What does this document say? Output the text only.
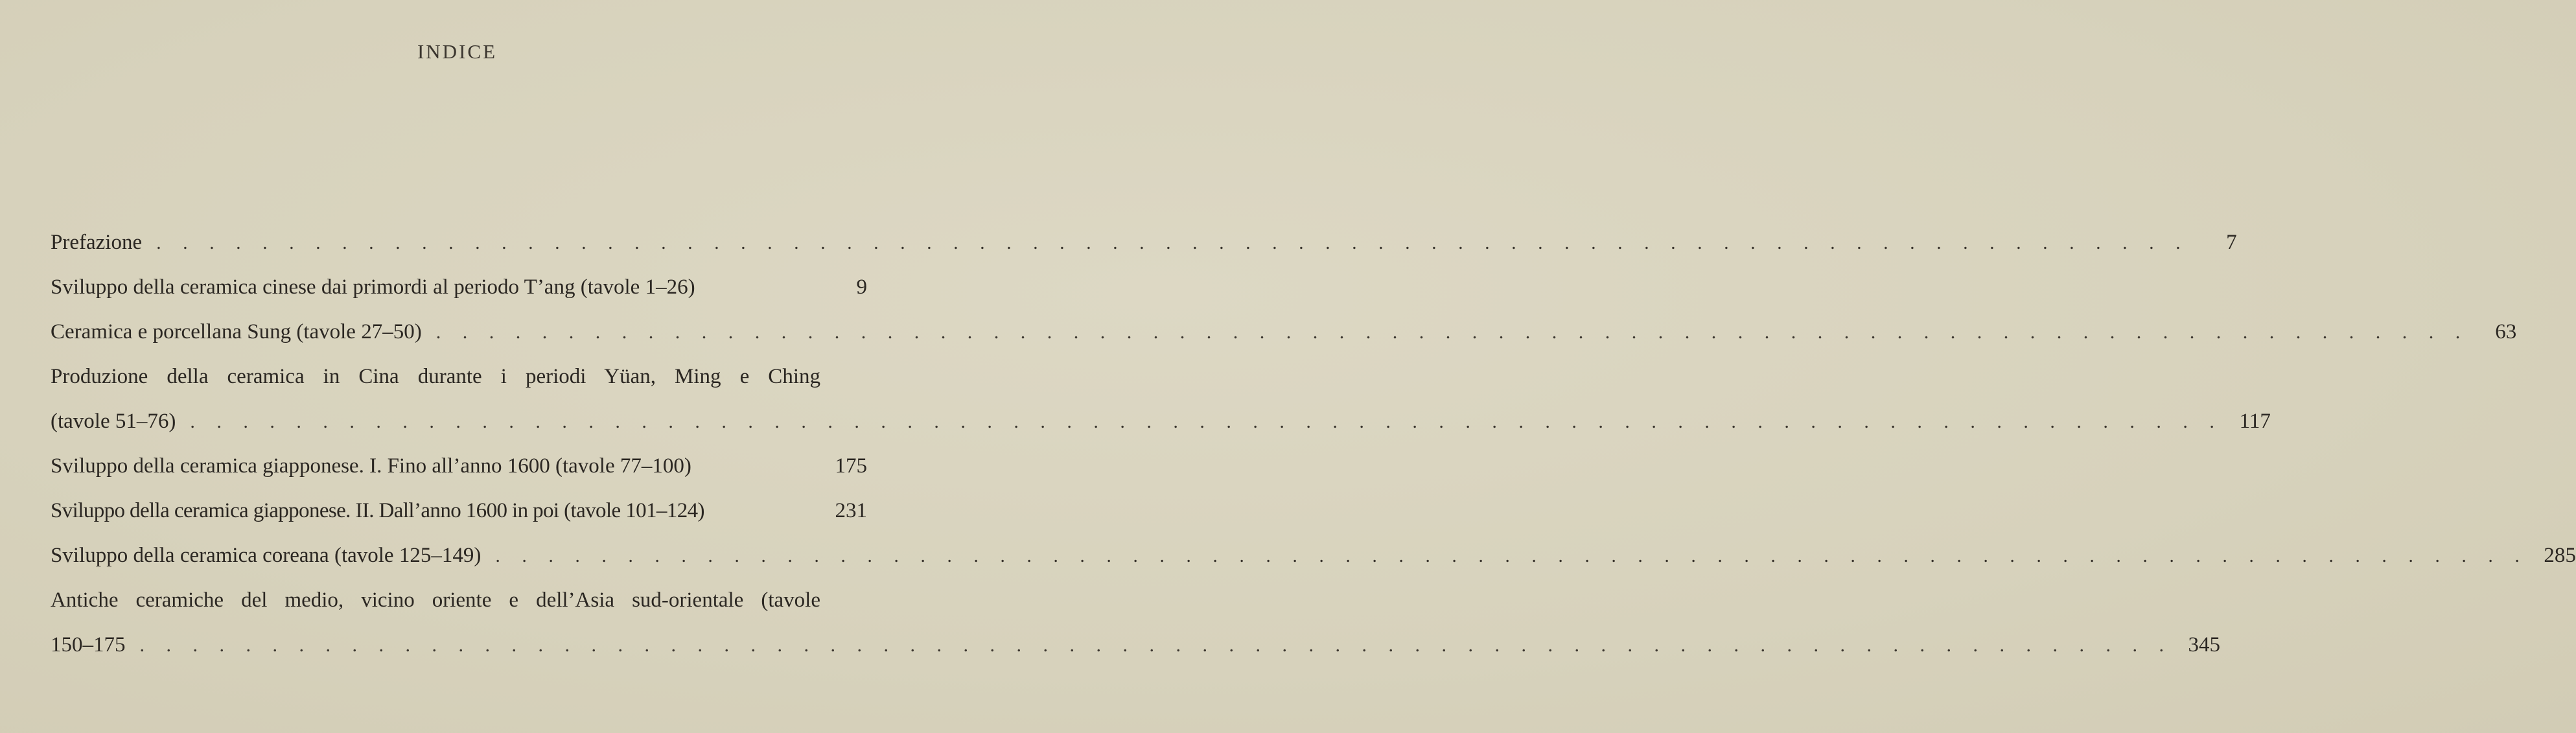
INDICE
Prefazione . . . . . . . . . . . . . . . . . . . . . . . . . . . . . . . . . . . . . . . . . . . . . . . . . . . . . . . . . . . . . . . . . . . . . . . . . . . . .	7
Sviluppo della ceramica cinese dai primordi al periodo T’ang (tavole 1–26)	9
Ceramica e porcellana Sung (tavole 27–50) . . . . . . . . . . . . . . . . . . . . . . . . . . . . . . . . . . . . . . . . . . . . . . . . . . . . . . . . . . . . . . . . . . . . . . . . . . . . .	63
Produzione della ceramica in Cina durante i periodi Yüan, Ming e Ching
(tavole 51–76) . . . . . . . . . . . . . . . . . . . . . . . . . . . . . . . . . . . . . . . . . . . . . . . . . . . . . . . . . . . . . . . . . . . . . . . . . . . . . 117
Sviluppo della ceramica giapponese. I. Fino all’anno 1600 (tavole 77–100)	175
Sviluppo della ceramica giapponese. II. Dall’anno 1600 in poi (tavole 101–124)	231
Sviluppo della ceramica coreana (tavole 125–149) . . . . . . . . . . . . . . . . . . . . . . . . . . . . . . . . . . . . . . . . . . . . . . . . . . . . . . . . . . . . . . . . . . . . . . . . . . . . . 285
Antiche ceramiche del medio, vicino oriente e dell’Asia sud-orientale (tavole
150–175 . . . . . . . . . . . . . . . . . . . . . . . . . . . . . . . . . . . . . . . . . . . . . . . . . . . . . . . . . . . . . . . . . . . . . . . . . . . . . 345
